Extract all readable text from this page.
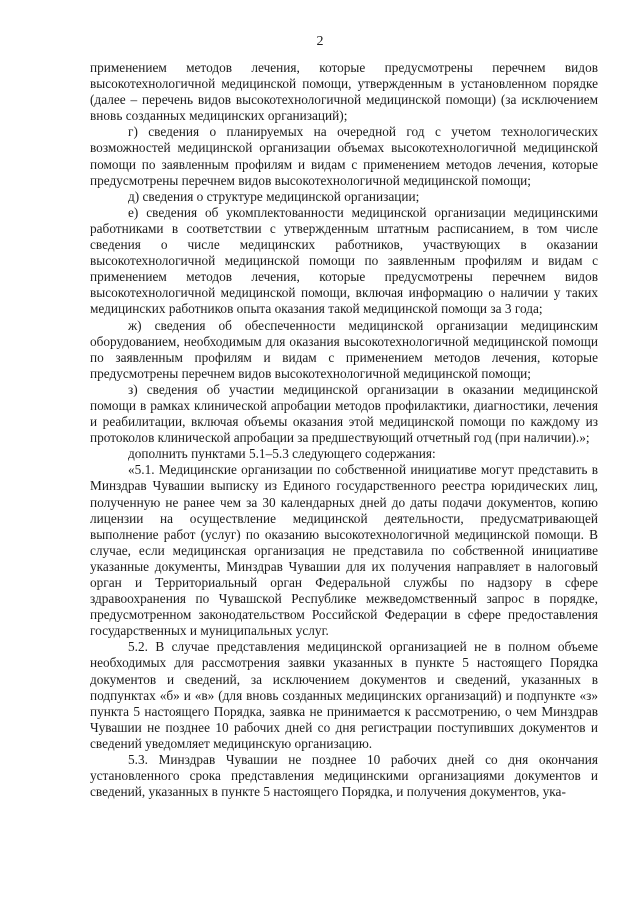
2

применением методов лечения, которые предусмотрены перечнем видов высокотехнологичной медицинской помощи, утвержденным в установленном порядке (далее – перечень видов высокотехнологичной медицинской помощи) (за исключением вновь созданных медицинских организаций);

г) сведения о планируемых на очередной год с учетом технологических возможностей медицинской организации объемах высокотехнологичной медицинской помощи по заявленным профилям и видам с применением методов лечения, которые предусмотрены перечнем видов высокотехнологичной медицинской помощи;

д) сведения о структуре медицинской организации;

е) сведения об укомплектованности медицинской организации медицинскими работниками в соответствии с утвержденным штатным расписанием, в том числе сведения о числе медицинских работников, участвующих в оказании высокотехнологичной медицинской помощи по заявленным профилям и видам с применением методов лечения, которые предусмотрены перечнем видов высокотехнологичной медицинской помощи, включая информацию о наличии у таких медицинских работников опыта оказания такой медицинской помощи за 3 года;

ж) сведения об обеспеченности медицинской организации медицинским оборудованием, необходимым для оказания высокотехнологичной медицинской помощи по заявленным профилям и видам с применением методов лечения, которые предусмотрены перечнем видов высокотехнологичной медицинской помощи;

з) сведения об участии медицинской организации в оказании медицинской помощи в рамках клинической апробации методов профилактики, диагностики, лечения и реабилитации, включая объемы оказания этой медицинской помощи по каждому из протоколов клинической апробации за предшествующий отчетный год (при наличии).»;

дополнить пунктами 5.1–5.3 следующего содержания:

«5.1. Медицинские организации по собственной инициативе могут представить в Минздрав Чувашии выписку из Единого государственного реестра юридических лиц, полученную не ранее чем за 30 календарных дней до даты подачи документов, копию лицензии на осуществление медицинской деятельности, предусматривающей выполнение работ (услуг) по оказанию высокотехнологичной медицинской помощи. В случае, если медицинская организация не представила по собственной инициативе указанные документы, Минздрав Чувашии для их получения направляет в налоговый орган и Территориальный орган Федеральной службы по надзору в сфере здравоохранения по Чувашской Республике межведомственный запрос в порядке, предусмотренном законодательством Российской Федерации в сфере предоставления государственных и муниципальных услуг.

5.2. В случае представления медицинской организацией не в полном объеме необходимых для рассмотрения заявки указанных в пункте 5 настоящего Порядка документов и сведений, за исключением документов и сведений, указанных в подпунктах «б» и «в» (для вновь созданных медицинских организаций) и подпункте «з» пункта 5 настоящего Порядка, заявка не принимается к рассмотрению, о чем Минздрав Чувашии не позднее 10 рабочих дней со дня регистрации поступивших документов и сведений уведомляет медицинскую организацию.

5.3. Минздрав Чувашии не позднее 10 рабочих дней со дня окончания установленного срока представления медицинскими организациями документов и сведений, указанных в пункте 5 настоящего Порядка, и получения документов, ука-
